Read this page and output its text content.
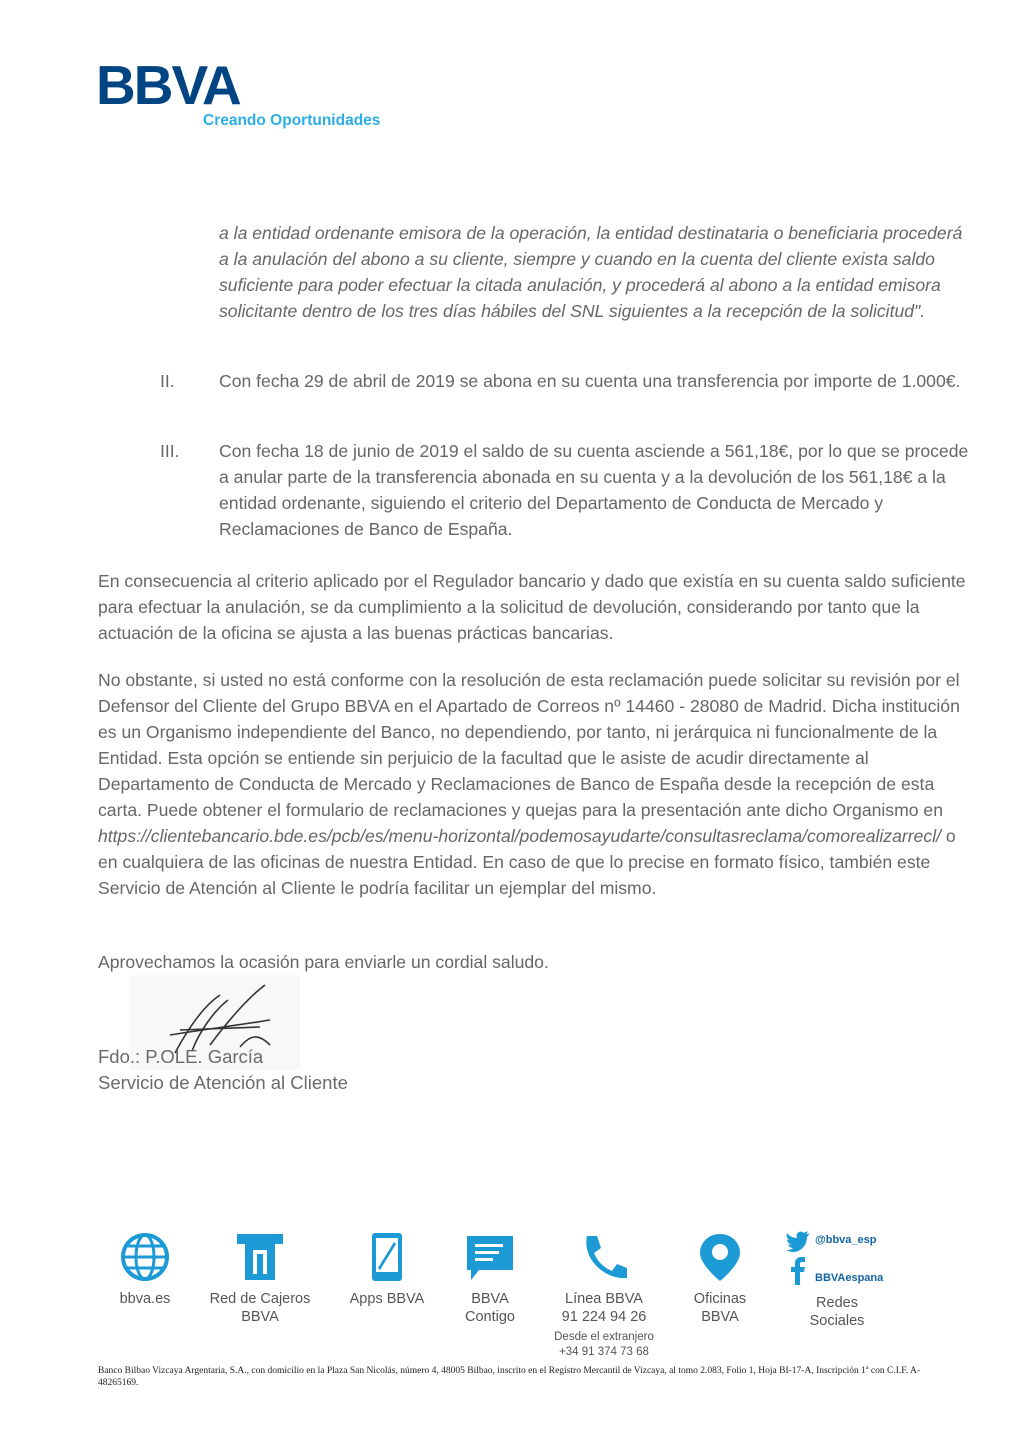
BBVA
Creando Oportunidades
a la entidad ordenante emisora de la operación, la entidad destinataria o beneficiaria procederá a la anulación del abono a su cliente, siempre y cuando en la cuenta del cliente exista saldo suficiente para poder efectuar la citada anulación, y procederá al abono a la entidad emisora solicitante dentro de los tres días hábiles del SNL siguientes a la recepción de la solicitud".
II.	Con fecha 29 de abril de 2019 se abona en su cuenta una transferencia por importe de 1.000€.
III. Con fecha 18 de junio de 2019 el saldo de su cuenta asciende a 561,18€, por lo que se procede a anular parte de la transferencia abonada en su cuenta y a la devolución de los 561,18€ a la entidad ordenante, siguiendo el criterio del Departamento de Conducta de Mercado y Reclamaciones de Banco de España.
En consecuencia al criterio aplicado por el Regulador bancario y dado que existía en su cuenta saldo suficiente para efectuar la anulación, se da cumplimiento a la solicitud de devolución, considerando por tanto que la actuación de la oficina se ajusta a las buenas prácticas bancarias.
No obstante, si usted no está conforme con la resolución de esta reclamación puede solicitar su revisión por el Defensor del Cliente del Grupo BBVA en el Apartado de Correos nº 14460 - 28080 de Madrid. Dicha institución es un Organismo independiente del Banco, no dependiendo, por tanto, ni jerárquica ni funcionalmente de la Entidad. Esta opción se entiende sin perjuicio de la facultad que le asiste de acudir directamente al Departamento de Conducta de Mercado y Reclamaciones de Banco de España desde la recepción de esta carta. Puede obtener el formulario de reclamaciones y quejas para la presentación ante dicho Organismo en https://clientebancario.bde.es/pcb/es/menu-horizontal/podemosayudarte/consultasreclama/comorealizarrecl/ o en cualquiera de las oficinas de nuestra Entidad. En caso de que lo precise en formato físico, también este Servicio de Atención al Cliente le podría facilitar un ejemplar del mismo.
Aprovechamos la ocasión para enviarle un cordial saludo.
Fdo.: P.OLE. García
Servicio de Atención al Cliente
bbva.es	Red de Cajeros
BBVA
Apps BBVA	BBVA
Contigo
Línea BBVA
91 224 94 26
Desde el extranjero
+34 91 374 73 68
Oficinas
BBVA
@bbva_esp
BBVAespana
Redes
Sociales
Banco Bilbao Vizcaya Argentaria, S.A., con domicilio en la Plaza San Nicolás, número 4, 48005 Bilbao, inscrito en el Registro Mercantil de Vizcaya, al tomo 2.083, Folio 1, Hoja BI-17-A, Inscripción 1ª con C.I.F. A-48265169.
